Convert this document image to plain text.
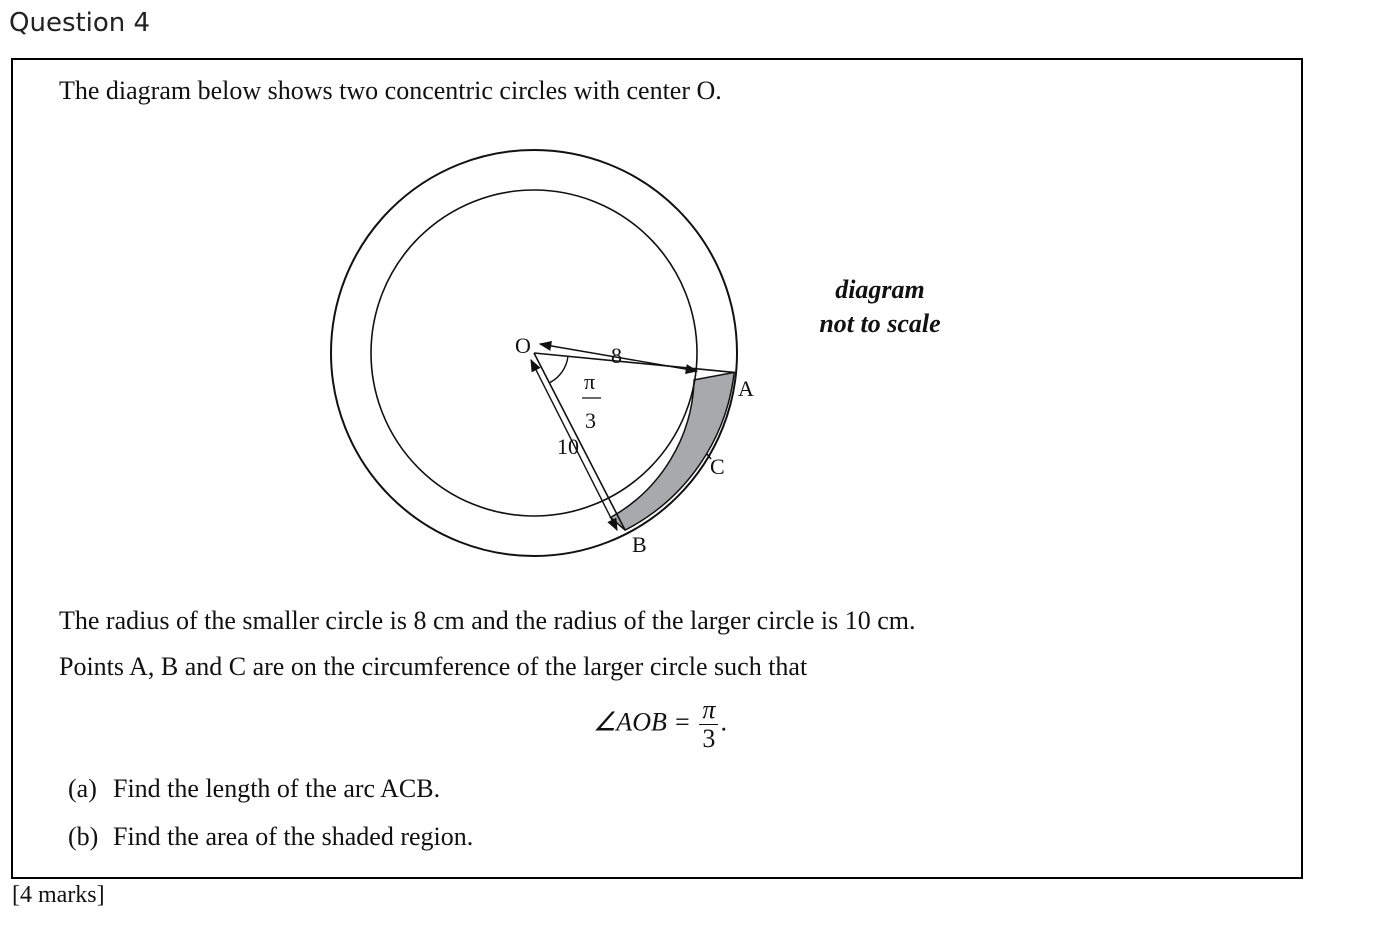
Question 4
The diagram below shows two concentric circles with center O.
O
A
B
C
8
10
π
3
diagram
not to scale
The radius of the smaller circle is 8 cm and the radius of the larger circle is 10 cm.
Points A, B and C are on the circumference of the larger circle such that
∠AOB = $\frac{\pi}{3}$ .
(a) Find the length of the arc ACB.
(b) Find the area of the shaded region.
[4 marks]
